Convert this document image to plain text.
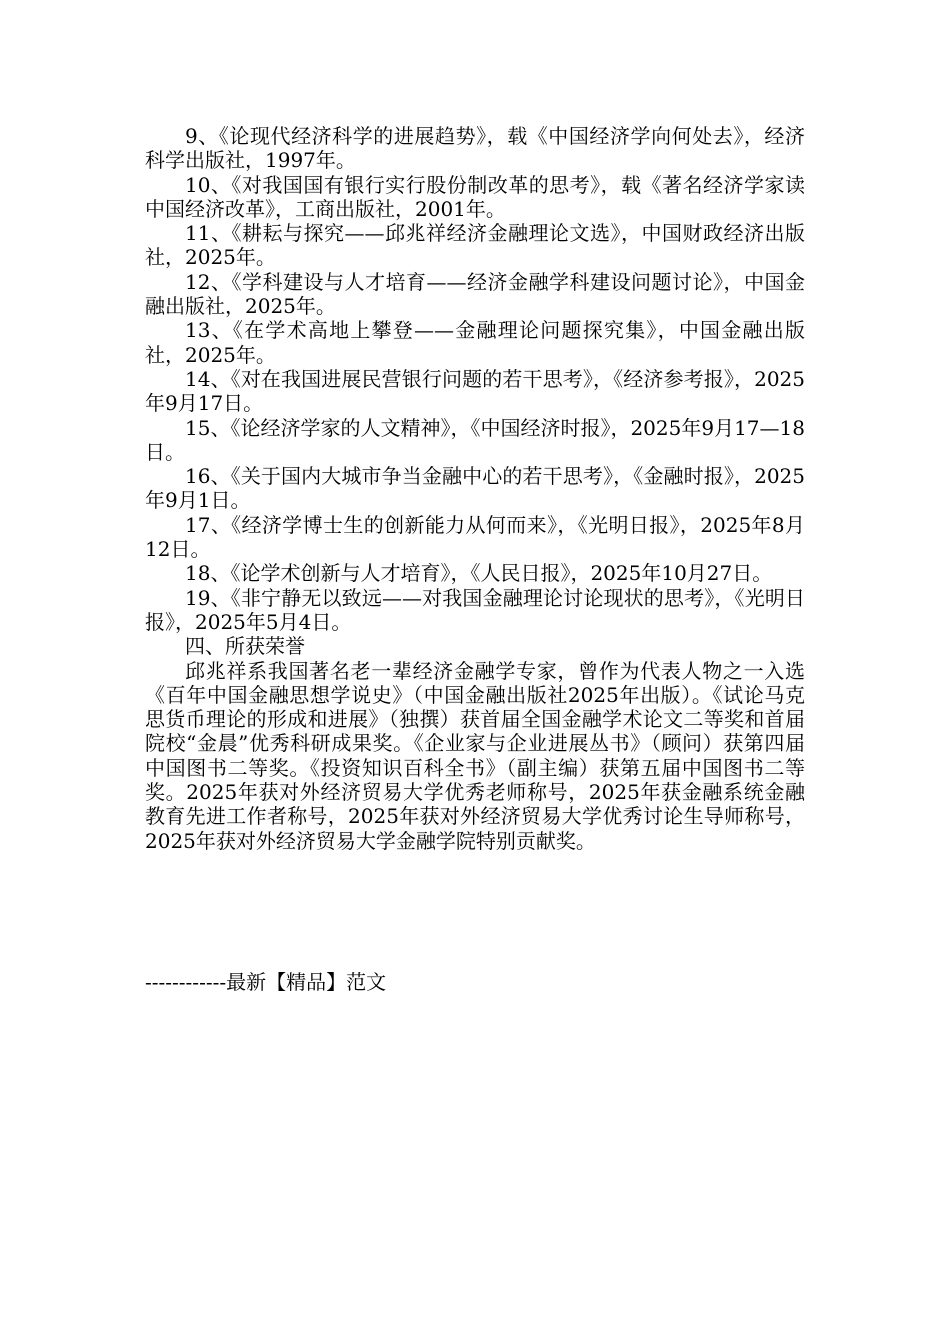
9、《论现代经济科学的进展趋势》，载《中国经济学向何处去》，经济科学出版社，1997年。

10、《对我国国有银行实行股份制改革的思考》，载《著名经济学家读中国经济改革》，工商出版社，2001年。

11、《耕耘与探究——邱兆祥经济金融理论文选》，中国财政经济出版社，2025年。

12、《学科建设与人才培育——经济金融学科建设问题讨论》，中国金融出版社，2025年。

13、《在学术高地上攀登——金融理论问题探究集》，中国金融出版社，2025年。

14、《对在我国进展民营银行问题的若干思考》，《经济参考报》，2025年9月17日。

15、《论经济学家的人文精神》，《中国经济时报》，2025年9月17—18日。

16、《关于国内大城市争当金融中心的若干思考》，《金融时报》，2025年9月1日。

17、《经济学博士生的创新能力从何而来》，《光明日报》，2025年8月12日。

18、《论学术创新与人才培育》，《人民日报》，2025年10月27日。

19、《非宁静无以致远——对我国金融理论讨论现状的思考》，《光明日报》，2025年5月4日。

四、所获荣誉

邱兆祥系我国著名老一辈经济金融学专家，曾作为代表人物之一入选《百年中国金融思想学说史》（中国金融出版社2025年出版）。《试论马克思货币理论的形成和进展》（独撰）获首届全国金融学术论文二等奖和首届院校“金晨”优秀科研成果奖。《企业家与企业进展丛书》（顾问）获第四届中国图书二等奖。《投资知识百科全书》（副主编）获第五届中国图书二等奖。2025年获对外经济贸易大学优秀老师称号，2025年获金融系统金融教育先进工作者称号，2025年获对外经济贸易大学优秀讨论生导师称号，2025年获对外经济贸易大学金融学院特别贡献奖。

------------最新【精品】范文
